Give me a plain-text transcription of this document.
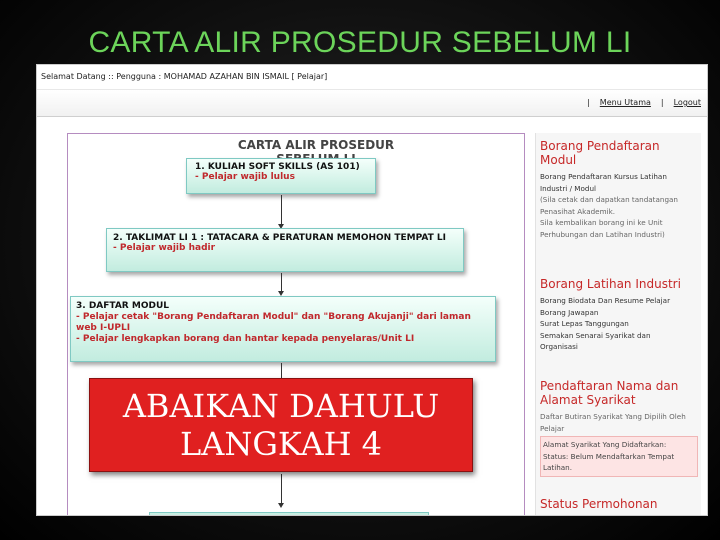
CARTA ALIR PROSEDUR SEBELUM LI
Selamat Datang :: Pengguna : MOHAMAD AZAHAN BIN ISMAIL [ Pelajar]
| Menu Utama | Logout
CARTA ALIR PROSEDUR
1. KULIAH SOFT SKILLS (AS 101)
- Pelajar wajib lulus
2. TAKLIMAT LI 1 : TATACARA & PERATURAN MEMOHON TEMPAT LI
- Pelajar wajib hadir
3. DAFTAR MODUL
- Pelajar cetak "Borang Pendaftaran Modul" dan "Borang Akujanji" dari laman web I-UPLI
- Pelajar lengkapkan borang dan hantar kepada penyelaras/Unit LI
ABAIKAN DAHULU
LANGKAH 4
Borang Pendaftaran Modul
Borang Pendaftaran Kursus Latihan
Industri / Modul
(Sila cetak dan dapatkan tandatangan
Penasihat Akademik.
Sila kembalikan borang ini ke Unit
Perhubungan dan Latihan Industri)
Borang Latihan Industri
Borang Biodata Dan Resume Pelajar
Borang Jawapan
Surat Lepas Tanggungan
Semakan Senarai Syarikat dan
Organisasi
Pendaftaran Nama dan Alamat Syarikat
Daftar Butiran Syarikat Yang Dipilih Oleh
Pelajar
Alamat Syarikat Yang Didaftarkan:
Status: Belum Mendaftarkan Tempat
Latihan.
Status Permohonan
